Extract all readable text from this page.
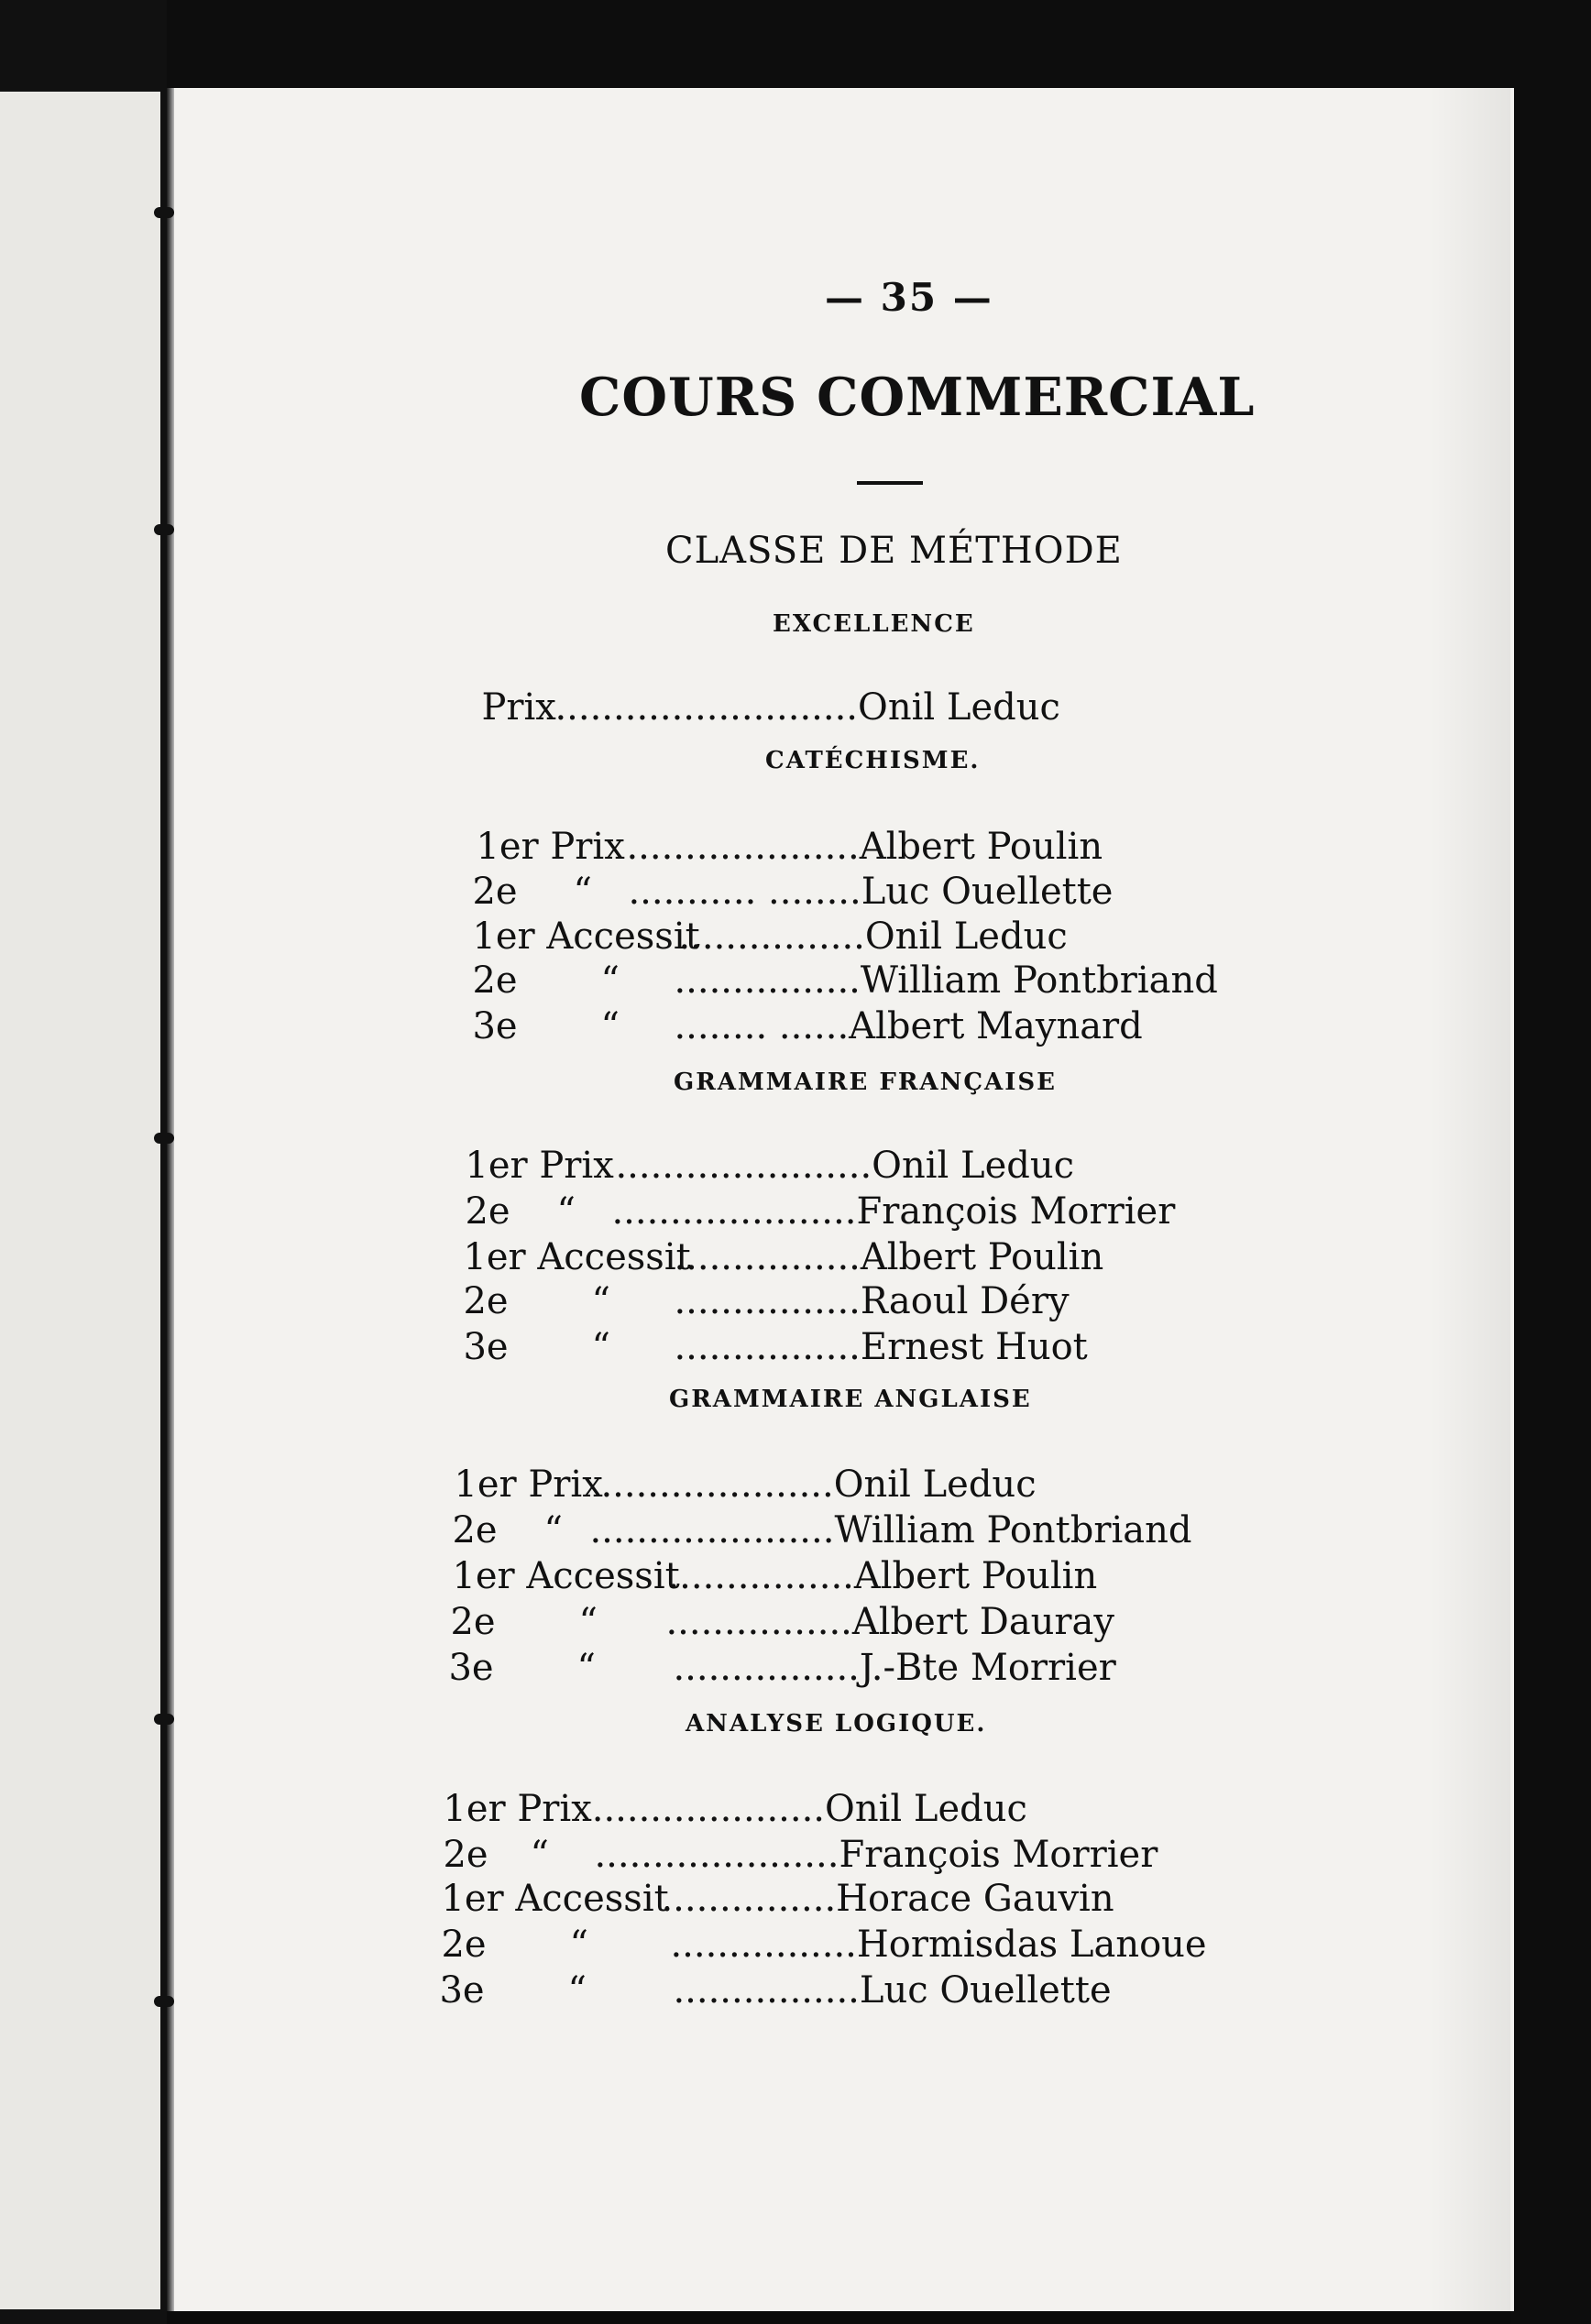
— 35 —
COURS COMMERCIAL
CLASSE DE MÉTHODE
EXCELLENCE

Prix..........................Onil Leduc

CATÉCHISME.

1er Prix....................Albert Poulin

2e “ ........... ........Luc Ouellette

1er Accessit................Onil Leduc

2e “ ................William Pontbriand

3e “ ........ ......Albert Maynard

GRAMMAIRE FRANÇAISE

1er Prix......................Onil Leduc

2e “ .....................François Morrier

1er Accessit................Albert Poulin

2e “ ................Raoul Déry

3e “ ................Ernest Huot

GRAMMAIRE ANGLAISE

1er Prix....................Onil Leduc

2e “ .....................William Pontbriand

1er Accessit................Albert Poulin

2e “ ................Albert Dauray

3e “ ................J.-Bte Morrier

ANALYSE LOGIQUE.

1er Prix....................Onil Leduc

2e “ .....................François Morrier

1er Accessit...............Horace Gauvin

2e “ ................Hormisdas Lanoue

3e “ ................Luc Ouellette
